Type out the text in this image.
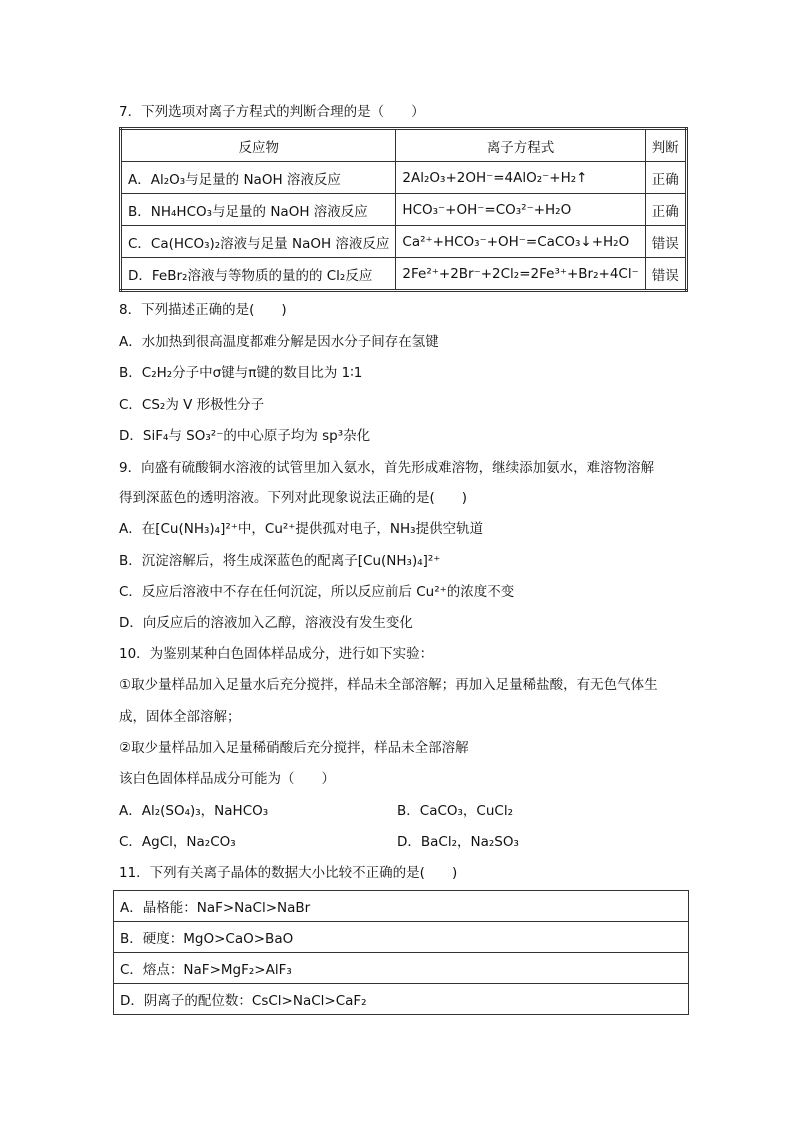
7．下列选项对离子方程式的判断合理的是（　　）
反应物	离子方程式	判断
A．Al₂O₃与足量的 NaOH 溶液反应	2Al₂O₃+2OH⁻=4AlO₂⁻+H₂↑	正确
B．NH₄HCO₃与足量的 NaOH 溶液反应	HCO₃⁻+OH⁻=CO₃²⁻+H₂O	正确
C．Ca(HCO₃)₂溶液与足量 NaOH 溶液反应	Ca²⁺+HCO₃⁻+OH⁻=CaCO₃↓+H₂O	错误
D．FeBr₂溶液与等物质的量的的 Cl₂反应	2Fe²⁺+2Br⁻+2Cl₂=2Fe³⁺+Br₂+4Cl⁻	错误
8．下列描述正确的是(　　)
A．水加热到很高温度都难分解是因水分子间存在氢键
B．C₂H₂分子中σ键与π键的数目比为 1∶1
C．CS₂为 V 形极性分子
D．SiF₄与 SO₃²⁻的中心原子均为 sp³杂化
9．向盛有硫酸铜水溶液的试管里加入氨水，首先形成难溶物，继续添加氨水，难溶物溶解
得到深蓝色的透明溶液。下列对此现象说法正确的是(　　)
A．在[Cu(NH₃)₄]²⁺中，Cu²⁺提供孤对电子，NH₃提供空轨道
B．沉淀溶解后，将生成深蓝色的配离子[Cu(NH₃)₄]²⁺
C．反应后溶液中不存在任何沉淀，所以反应前后 Cu²⁺的浓度不变
D．向反应后的溶液加入乙醇，溶液没有发生变化
10．为鉴别某种白色固体样品成分，进行如下实验：
①取少量样品加入足量水后充分搅拌，样品未全部溶解；再加入足量稀盐酸，有无色气体生
成，固体全部溶解；
②取少量样品加入足量稀硝酸后充分搅拌，样品未全部溶解
该白色固体样品成分可能为（　　）
A．Al₂(SO₄)₃，NaHCO₃	B．CaCO₃，CuCl₂
C．AgCl，Na₂CO₃	D．BaCl₂，Na₂SO₃
11．下列有关离子晶体的数据大小比较不正确的是(　　)
A．晶格能：NaF>NaCl>NaBr
B．硬度：MgO>CaO>BaO
C．熔点：NaF>MgF₂>AlF₃
D．阴离子的配位数：CsCl>NaCl>CaF₂
